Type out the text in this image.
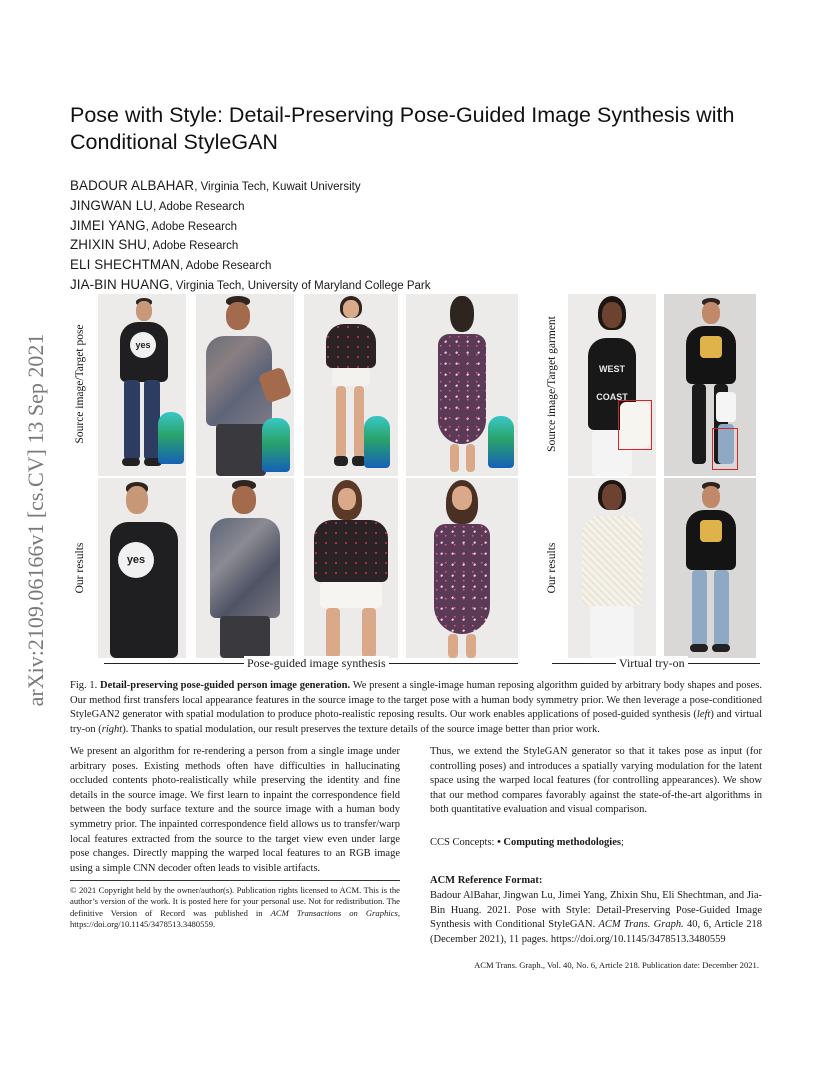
arXiv:2109.06166v1 [cs.CV] 13 Sep 2021
Pose with Style: Detail-Preserving Pose-Guided Image Synthesis with Conditional StyleGAN
BADOUR ALBAHAR, Virginia Tech, Kuwait University
JINGWAN LU, Adobe Research
JIMEI YANG, Adobe Research
ZHIXIN SHU, Adobe Research
ELI SHECHTMAN, Adobe Research
JIA-BIN HUANG, Virginia Tech, University of Maryland College Park
Source image/Target pose
Our results
Source image/Target garment
Our results
yes
yes
WEST
COAST
Pose-guided image synthesis	Virtual try-on
Fig. 1. Detail-preserving pose-guided person image generation. We present a single-image human reposing algorithm guided by arbitrary body shapes and poses. Our method first transfers local appearance features in the source image to the target pose with a human body symmetry prior. We then leverage a pose-conditioned StyleGAN2 generator with spatial modulation to produce photo-realistic reposing results. Our work enables applications of posed-guided synthesis (left) and virtual try-on (right). Thanks to spatial modulation, our result preserves the texture details of the source image better than prior work.
We present an algorithm for re-rendering a person from a single image under arbitrary poses. Existing methods often have difficulties in hallucinating occluded contents photo-realistically while preserving the identity and fine details in the source image. We first learn to inpaint the correspondence field between the body surface texture and the source image with a human body symmetry prior. The inpainted correspondence field allows us to transfer/warp local features extracted from the source to the target view even under large pose changes. Directly mapping the warped local features to an RGB image using a simple CNN decoder often leads to visible artifacts.
Thus, we extend the StyleGAN generator so that it takes pose as input (for controlling poses) and introduces a spatially varying modulation for the latent space using the warped local features (for controlling appearances). We show that our method compares favorably against the state-of-the-art algorithms in both quantitative evaluation and visual comparison.
CCS Concepts: • Computing methodologies;
© 2021 Copyright held by the owner/author(s). Publication rights licensed to ACM. This is the author’s version of the work. It is posted here for your personal use. Not for redistribution. The definitive Version of Record was published in ACM Transactions on Graphics, https://doi.org/10.1145/3478513.3480559.
ACM Reference Format:
Badour AlBahar, Jingwan Lu, Jimei Yang, Zhixin Shu, Eli Shechtman, and Jia-Bin Huang. 2021. Pose with Style: Detail-Preserving Pose-Guided Image Synthesis with Conditional StyleGAN. ACM Trans. Graph. 40, 6, Article 218 (December 2021), 11 pages. https://doi.org/10.1145/3478513.3480559
ACM Trans. Graph., Vol. 40, No. 6, Article 218. Publication date: December 2021.
